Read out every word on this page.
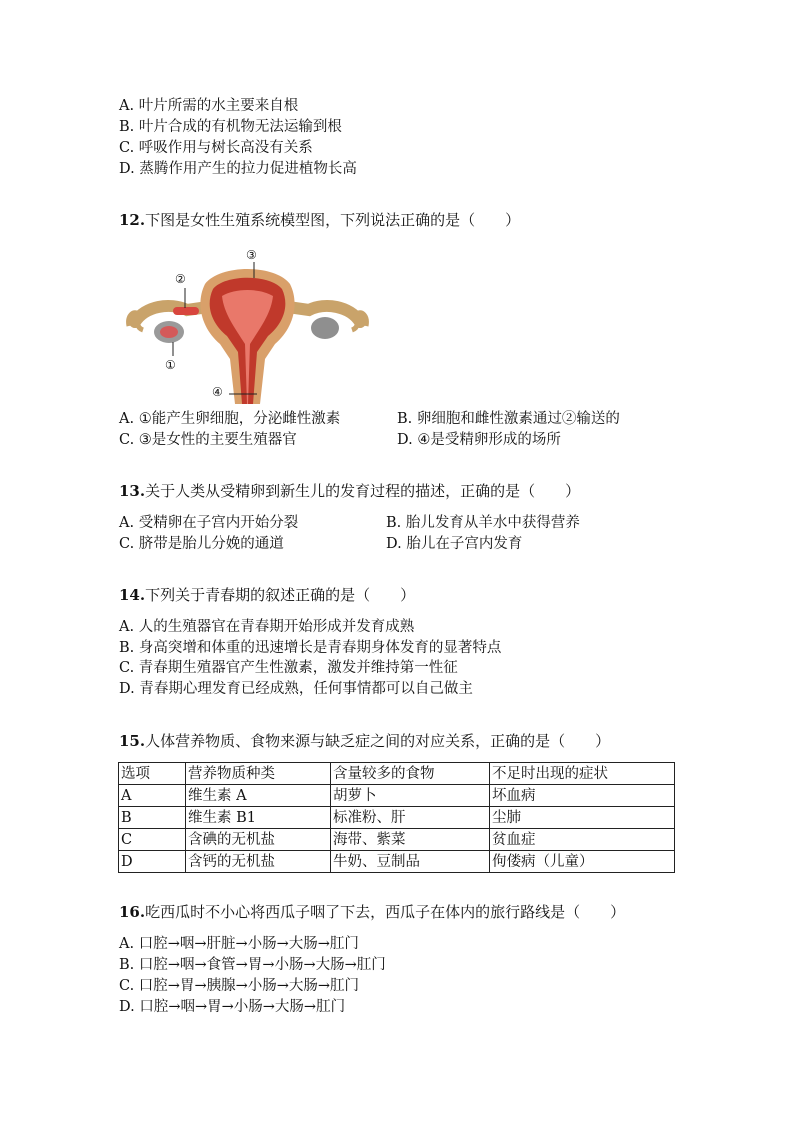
A. 叶片所需的水主要来自根
B. 叶片合成的有机物无法运输到根
C. 呼吸作用与树长高没有关系
D. 蒸腾作用产生的拉力促进植物长高
12.下图是女性生殖系统模型图，下列说法正确的是（　　）
②
③
①
④
A. ①能产生卵细胞，分泌雌性激素	B. 卵细胞和雌性激素通过②输送的
C. ③是女性的主要生殖器官	D. ④是受精卵形成的场所
13.关于人类从受精卵到新生儿的发育过程的描述，正确的是（　　）
A. 受精卵在子宫内开始分裂	B. 胎儿发育从羊水中获得营养
C. 脐带是胎儿分娩的通道	D. 胎儿在子宫内发育
14.下列关于青春期的叙述正确的是（　　）
A. 人的生殖器官在青春期开始形成并发育成熟
B. 身高突增和体重的迅速增长是青春期身体发育的显著特点
C. 青春期生殖器官产生性激素，激发并维持第一性征
D. 青春期心理发育已经成熟，任何事情都可以自己做主
15.人体营养物质、食物来源与缺乏症之间的对应关系，正确的是（　　）
选项	营养物质种类	含量较多的食物	不足时出现的症状
A	维生素 A	胡萝卜	坏血病
B	维生素 B1	标准粉、肝	尘肺
C	含碘的无机盐	海带、紫菜	贫血症
D	含钙的无机盐	牛奶、豆制品	佝偻病（儿童）
16.吃西瓜时不小心将西瓜子咽了下去，西瓜子在体内的旅行路线是（　　）
A. 口腔→咽→肝脏→小肠→大肠→肛门
B. 口腔→咽→食管→胃→小肠→大肠→肛门
C. 口腔→胃→胰腺→小肠→大肠→肛门
D. 口腔→咽→胃→小肠→大肠→肛门
